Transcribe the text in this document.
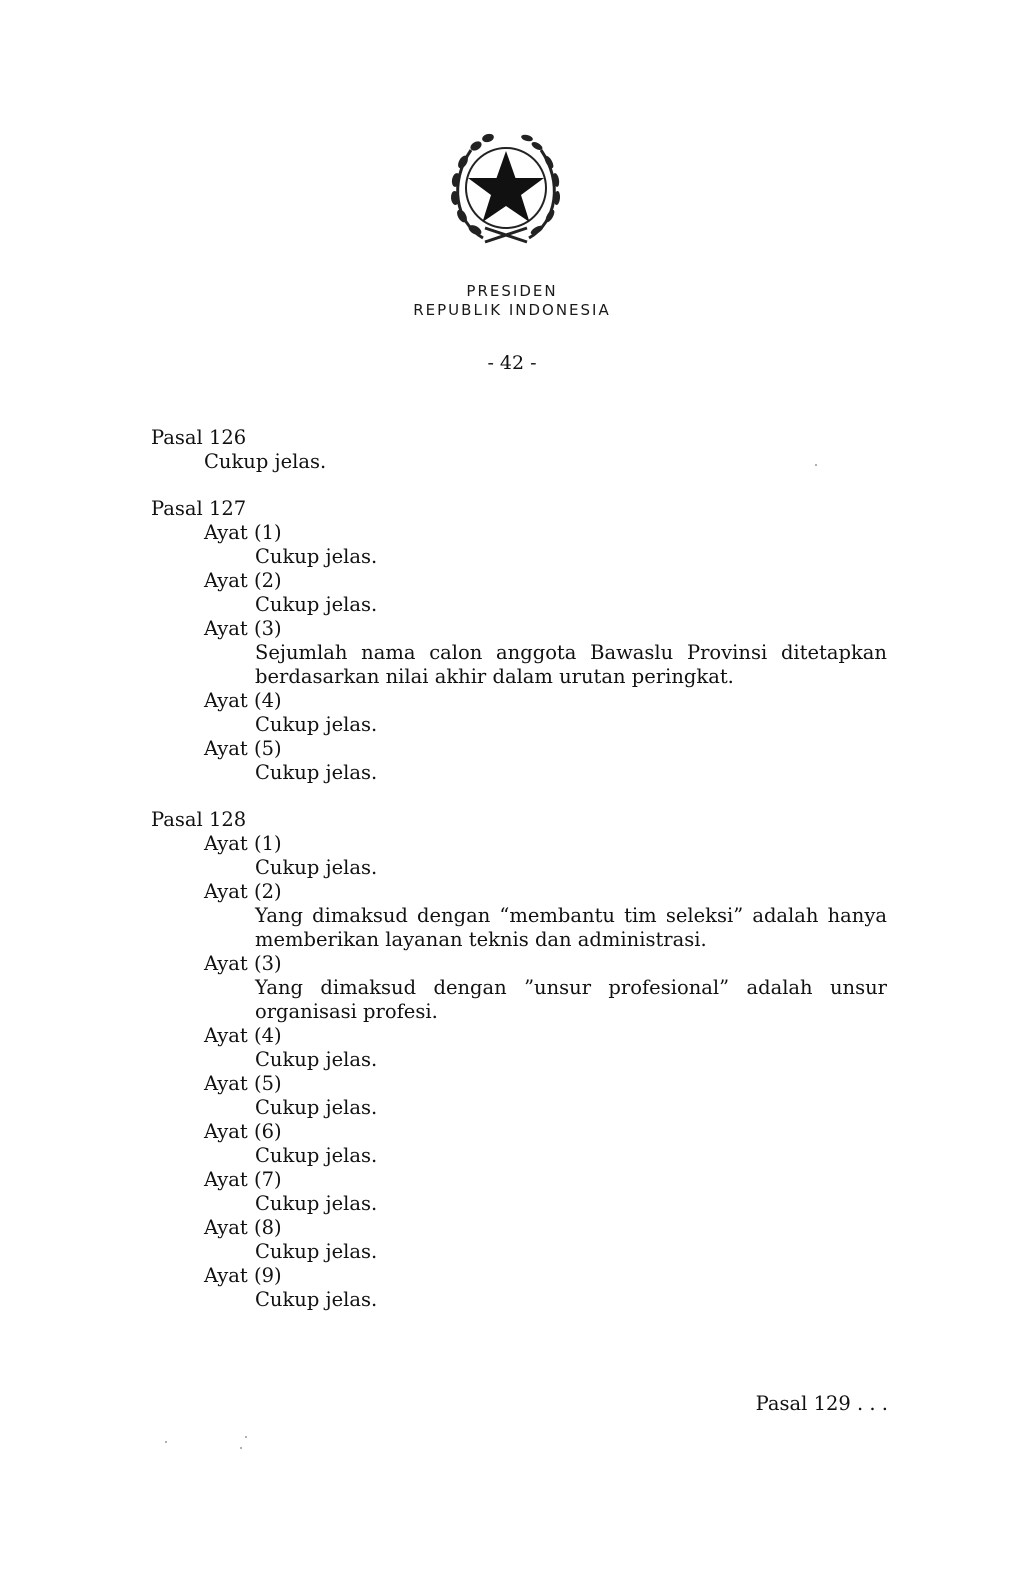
PRESIDEN
REPUBLIK INDONESIA
- 42 -
Pasal 126
Cukup jelas.
Pasal 127
Ayat (1)
Cukup jelas.
Ayat (2)
Cukup jelas.
Ayat (3)
Sejumlah nama calon anggota Bawaslu Provinsi ditetapkan berdasarkan nilai akhir dalam urutan peringkat.
Ayat (4)
Cukup jelas.
Ayat (5)
Cukup jelas.
Pasal 128
Ayat (1)
Cukup jelas.
Ayat (2)
Yang dimaksud dengan “membantu tim seleksi” adalah hanya memberikan layanan teknis dan administrasi.
Ayat (3)
Yang dimaksud dengan ”unsur profesional” adalah unsur organisasi profesi.
Ayat (4)
Cukup jelas.
Ayat (5)
Cukup jelas.
Ayat (6)
Cukup jelas.
Ayat (7)
Cukup jelas.
Ayat (8)
Cukup jelas.
Ayat (9)
Cukup jelas.
Pasal 129 . . .
